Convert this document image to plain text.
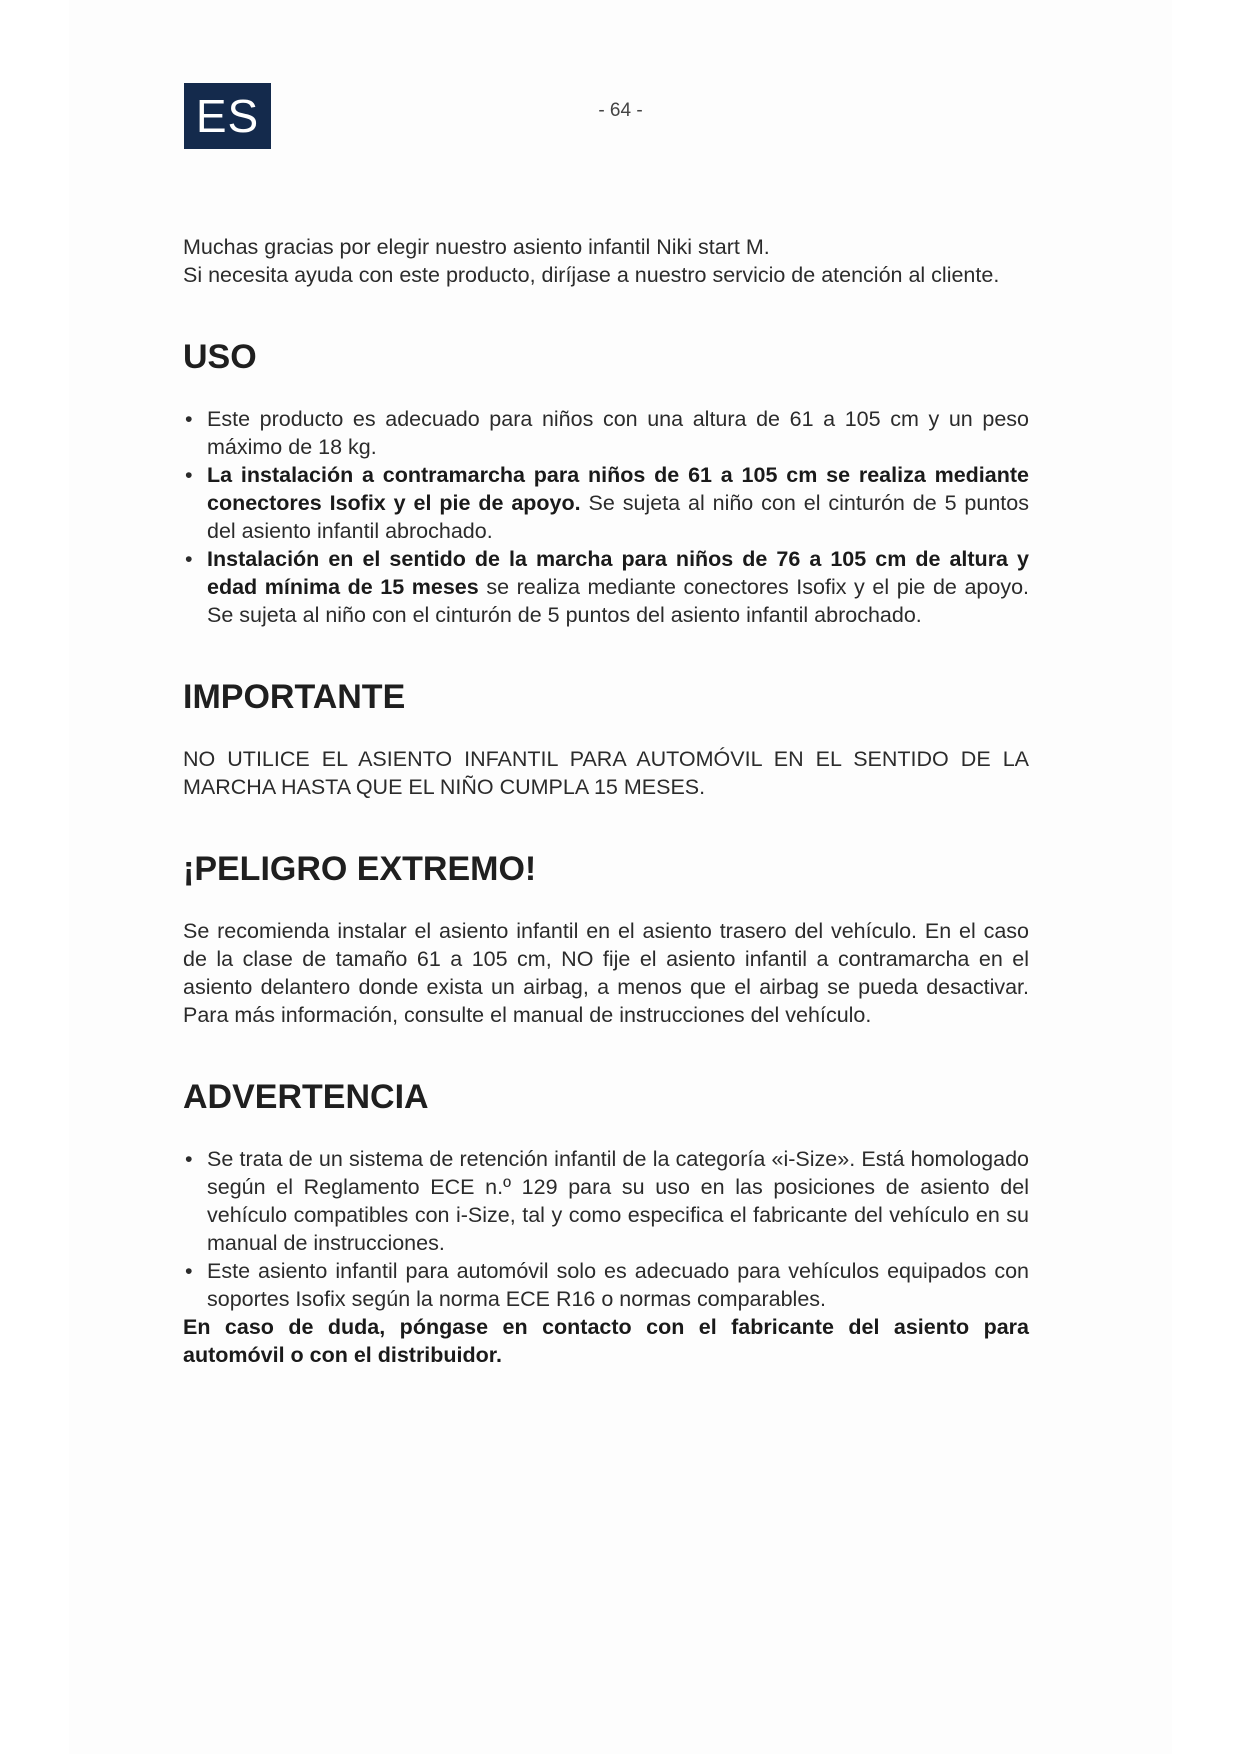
ES	- 64 -

Muchas gracias por elegir nuestro asiento infantil Niki start M.

Si necesita ayuda con este producto, diríjase a nuestro servicio de atención al cliente.

USO
• Este producto es adecuado para niños con una altura de 61 a 105 cm y un peso máximo de 18 kg.
• La instalación a contramarcha para niños de 61 a 105 cm se realiza mediante conectores Isofix y el pie de apoyo. Se sujeta al niño con el cinturón de 5 puntos del asiento infantil abrochado.
• Instalación en el sentido de la marcha para niños de 76 a 105 cm de altura y edad mínima de 15 meses se realiza mediante conectores Isofix y el pie de apoyo. Se sujeta al niño con el cinturón de 5 puntos del asiento infantil abrochado.
IMPORTANTE

NO UTILICE EL ASIENTO INFANTIL PARA AUTOMÓVIL EN EL SENTIDO DE LA MARCHA HASTA QUE EL NIÑO CUMPLA 15 MESES.

¡PELIGRO EXTREMO!

Se recomienda instalar el asiento infantil en el asiento trasero del vehículo. En el caso de la clase de tamaño 61 a 105 cm, NO fije el asiento infantil a contramarcha en el asiento delantero donde exista un airbag, a menos que el airbag se pueda desactivar. Para más información, consulte el manual de instrucciones del vehículo.

ADVERTENCIA
• Se trata de un sistema de retención infantil de la categoría «i-Size». Está homologado según el Reglamento ECE n.º 129 para su uso en las posiciones de asiento del vehículo compatibles con i-Size, tal y como especifica el fabricante del vehículo en su manual de instrucciones.
• Este asiento infantil para automóvil solo es adecuado para vehículos equipados con soportes Isofix según la norma ECE R16 o normas comparables.

En caso de duda, póngase en contacto con el fabricante del asiento para automóvil o con el distribuidor.
